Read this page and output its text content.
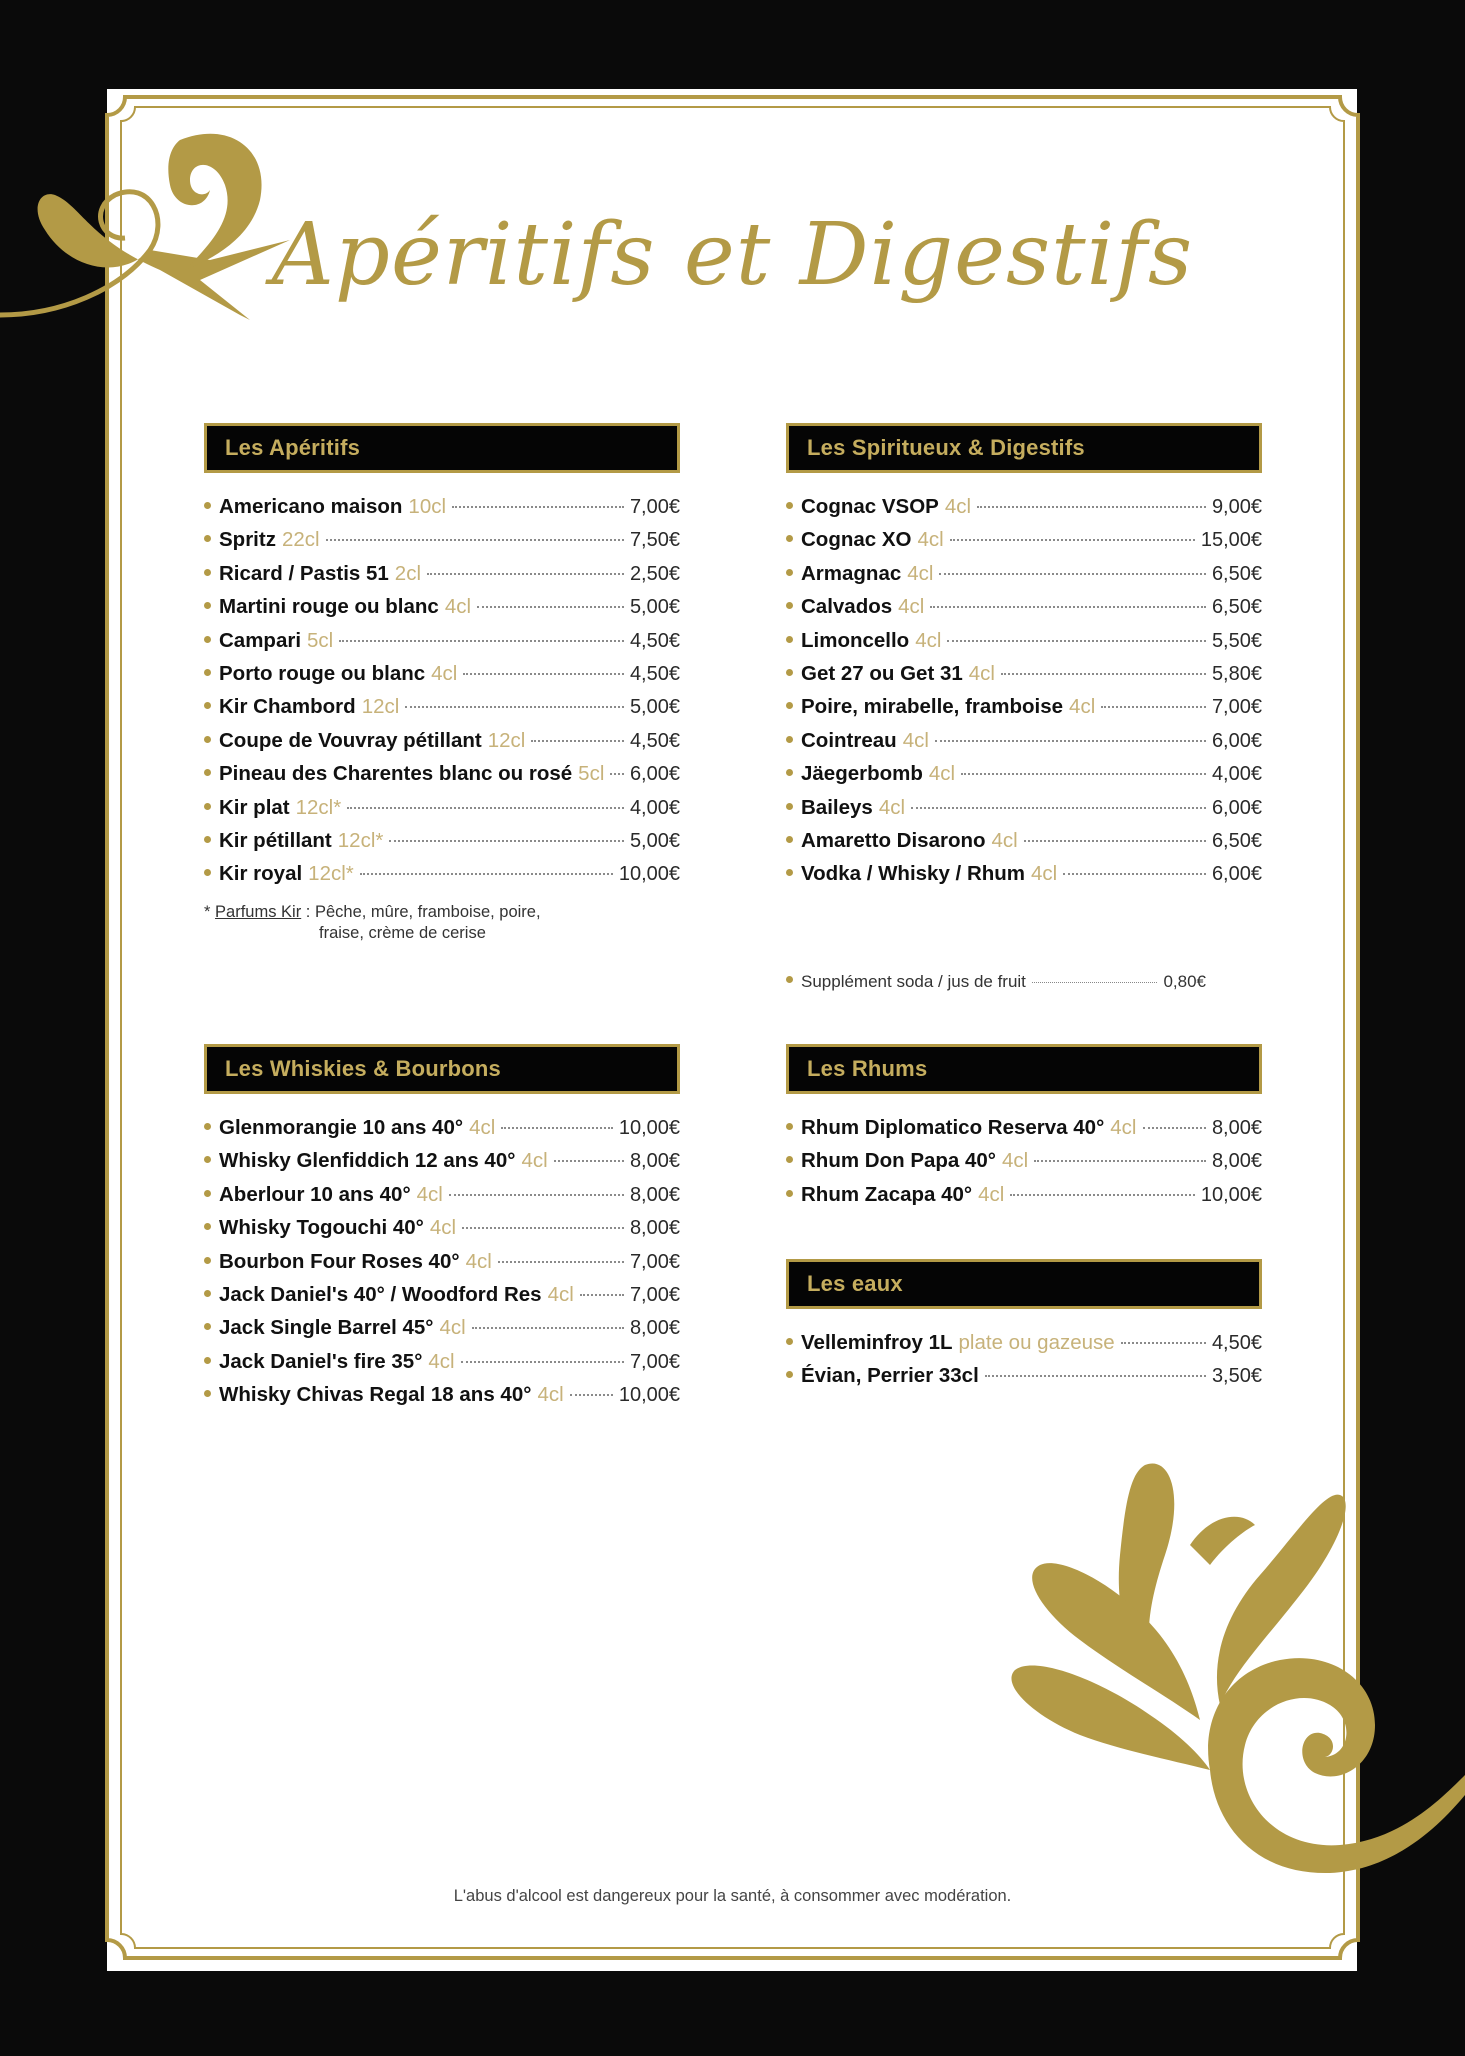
Apéritifs et Digestifs
Les Apéritifs
Americano maison 10cl	7,00€
Spritz 22cl	7,50€
Ricard / Pastis 51 2cl	2,50€
Martini rouge ou blanc 4cl	5,00€
Campari 5cl	4,50€
Porto rouge ou blanc 4cl	4,50€
Kir Chambord 12cl	5,00€
Coupe de Vouvray pétillant 12cl	4,50€
Pineau des Charentes blanc ou rosé 5cl 6,00€
Kir plat 12cl*	4,00€
Kir pétillant 12cl*	5,00€
Kir royal 12cl*	10,00€
* Parfums Kir : Pêche, mûre, framboise, poire,
fraise, crème de cerise
Les Spiritueux & Digestifs
Cognac VSOP 4cl	9,00€
Cognac XO 4cl	15,00€
Armagnac 4cl	6,50€
Calvados 4cl	6,50€
Limoncello 4cl	5,50€
Get 27 ou Get 31 4cl	5,80€
Poire, mirabelle, framboise 4cl	7,00€
Cointreau 4cl	6,00€
Jäegerbomb 4cl	4,00€
Baileys 4cl	6,00€
Amaretto Disarono 4cl	6,50€
Vodka / Whisky / Rhum 4cl	6,00€
Supplément soda / jus de fruit	0,80€
Les Whiskies & Bourbons
Glenmorangie 10 ans 40° 4cl	10,00€
Whisky Glenfiddich 12 ans 40° 4cl	8,00€
Aberlour 10 ans 40° 4cl	8,00€
Whisky Togouchi 40° 4cl	8,00€
Bourbon Four Roses 40° 4cl	7,00€
Jack Daniel's 40° / Woodford Res 4cl	7,00€
Jack Single Barrel 45° 4cl	8,00€
Jack Daniel's fire 35° 4cl	7,00€
Whisky Chivas Regal 18 ans 40° 4cl	10,00€
Les Rhums
Rhum Diplomatico Reserva 40° 4cl	8,00€
Rhum Don Papa 40° 4cl	8,00€
Rhum Zacapa 40° 4cl	10,00€
Les eaux
Velleminfroy 1L plate ou gazeuse	4,50€
Évian, Perrier 33cl	3,50€
L'abus d'alcool est dangereux pour la santé, à consommer avec modération.
